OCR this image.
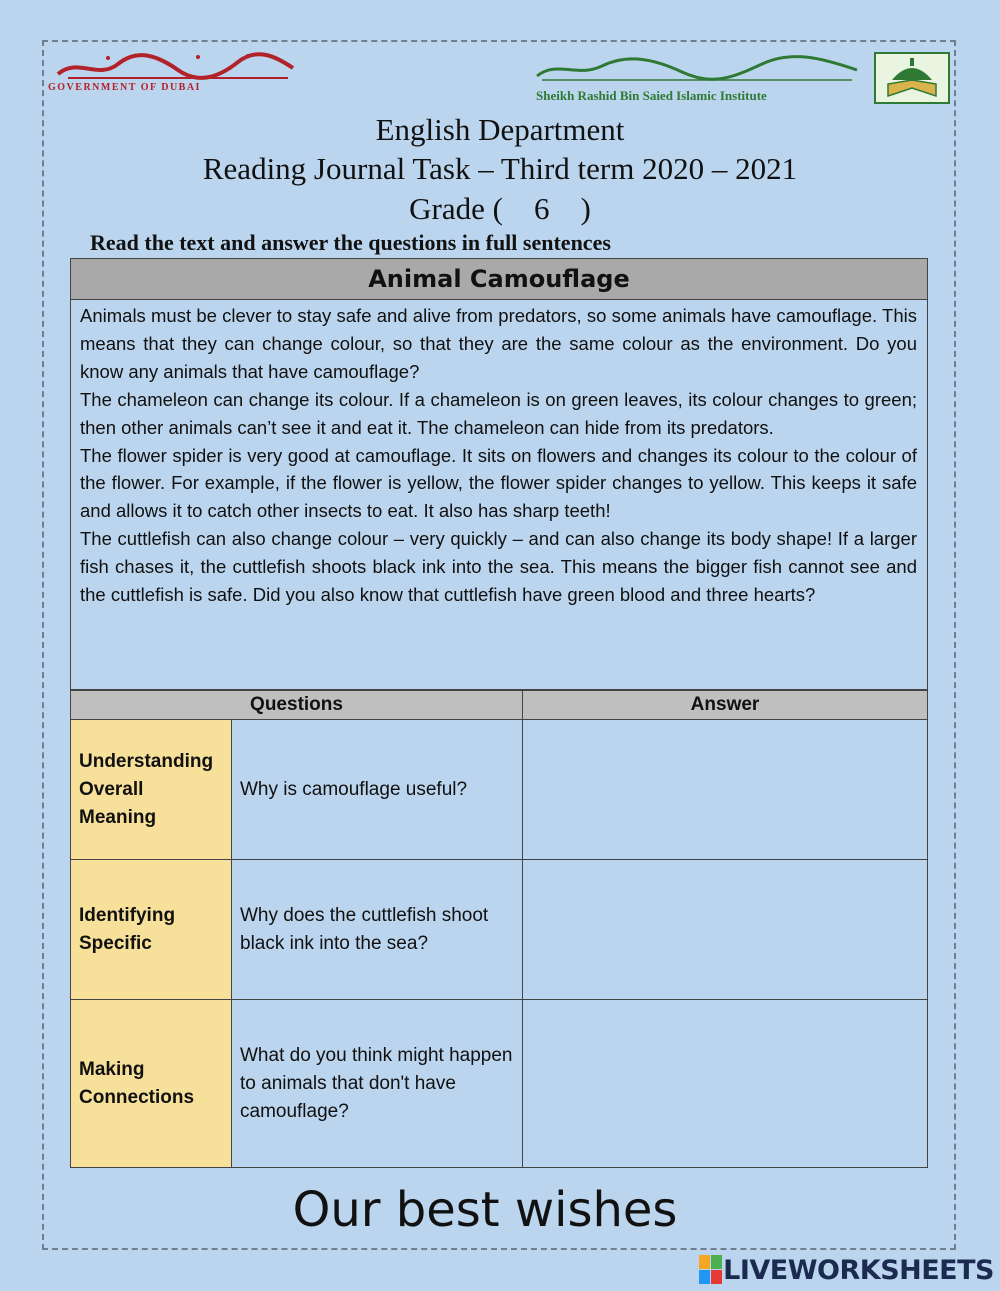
GOVERNMENT OF DUBAI
Sheikh Rashid Bin Saied Islamic Institute
English Department
Reading Journal Task – Third term 2020 – 2021
Grade (    6    )
Read the text and answer the questions in full sentences
Animal Camouflage

Animals must be clever to stay safe and alive from predators, so some animals have camouflage. This means that they can change colour, so that they are the same colour as the environment. Do you know any animals that have camouflage?

The chameleon can change its colour. If a chameleon is on green leaves, its colour changes to green; then other animals can’t see it and eat it. The chameleon can hide from its predators.

The flower spider is very good at camouflage. It sits on flowers and changes its colour to the colour of the flower. For example, if the flower is yellow, the flower spider changes to yellow. This keeps it safe and allows it to catch other insects to eat. It also has sharp teeth!

The cuttlefish can also change colour – very quickly – and can also change its body shape! If a larger fish chases it, the cuttlefish shoots black ink into the sea. This means the bigger fish cannot see and the cuttlefish is safe. Did you also know that cuttlefish have green blood and three hearts?

Questions		Answer
Understanding Overall Meaning	Why is camouflage useful?	
Identifying Specific	Why does the cuttlefish shoot black ink into the sea?	
Making Connections	What do you think might happen to animals that don't have camouflage?	
Our best wishes
LIVEWORKSHEETS
